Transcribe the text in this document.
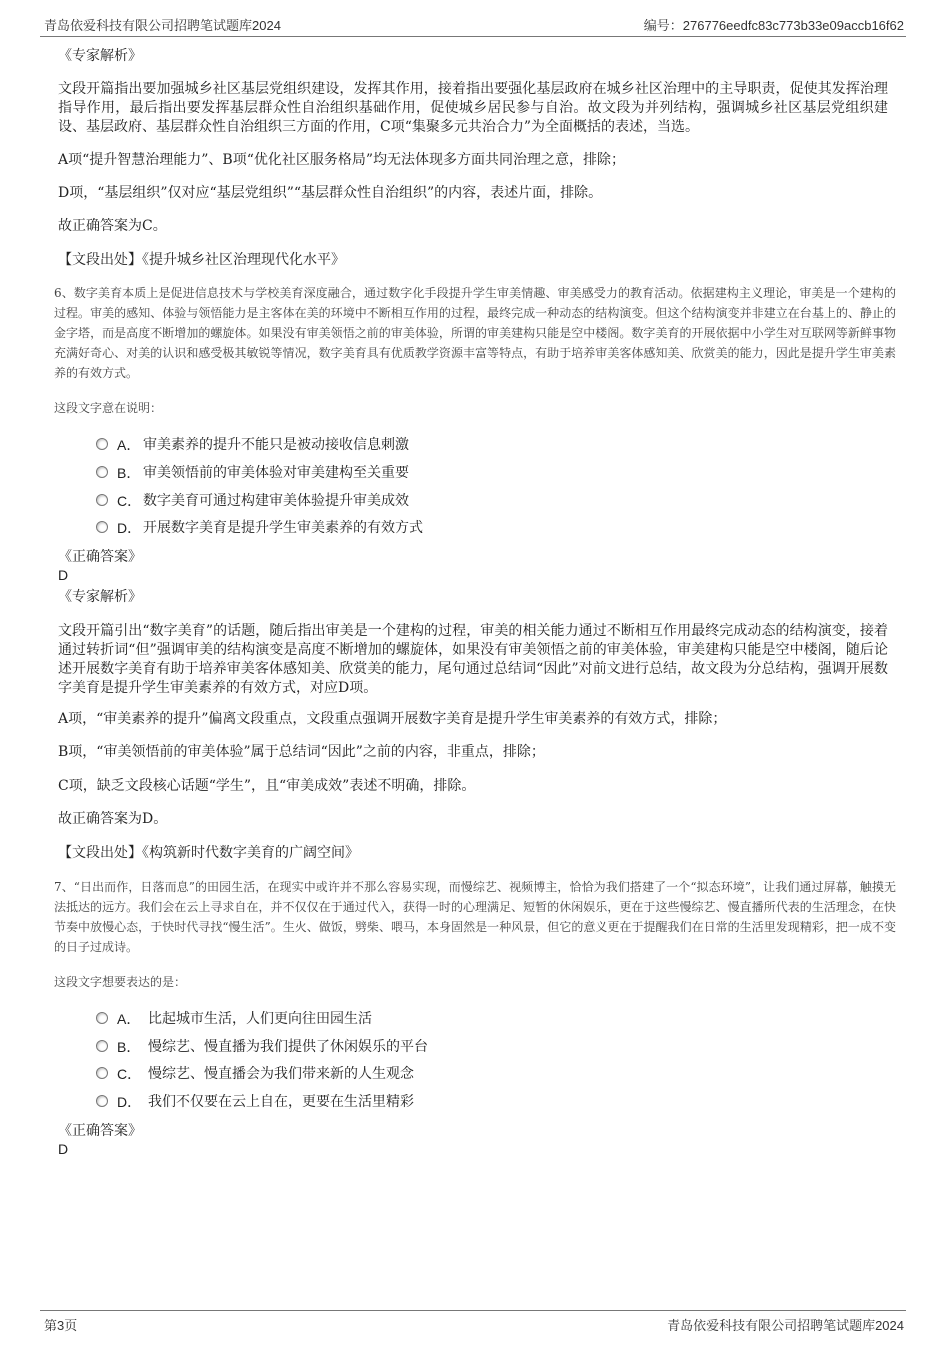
青岛依爱科技有限公司招聘笔试题库2024	编号：276776eedfc83c773b33e09accb16f62
《专家解析》
文段开篇指出要加强城乡社区基层党组织建设，发挥其作用，接着指出要强化基层政府在城乡社区治理中的主导职责，促使其发挥治理指导作用，最后指出要发挥基层群众性自治组织基础作用，促使城乡居民参与自治。故文段为并列结构，强调城乡社区基层党组织建设、基层政府、基层群众性自治组织三方面的作用，C项“集聚多元共治合力”为全面概括的表述，当选。
A项“提升智慧治理能力”、B项“优化社区服务格局”均无法体现多方面共同治理之意，排除；
D项，“基层组织”仅对应“基层党组织”“基层群众性自治组织”的内容，表述片面，排除。
故正确答案为C。
【文段出处】《提升城乡社区治理现代化水平》
6、数字美育本质上是促进信息技术与学校美育深度融合，通过数字化手段提升学生审美情趣、审美感受力的教育活动。依据建构主义理论，审美是一个建构的过程。审美的感知、体验与领悟能力是主客体在美的环境中不断相互作用的过程，最终完成一种动态的结构演变。但这个结构演变并非建立在台基上的、静止的金字塔，而是高度不断增加的螺旋体。如果没有审美领悟之前的审美体验，所谓的审美建构只能是空中楼阁。数字美育的开展依据中小学生对互联网等新鲜事物充满好奇心、对美的认识和感受极其敏锐等情况，数字美育具有优质教学资源丰富等特点，有助于培养审美客体感知美、欣赏美的能力，因此是提升学生审美素养的有效方式。
这段文字意在说明：
A． 审美素养的提升不能只是被动接收信息刺激
B． 审美领悟前的审美体验对审美建构至关重要
C． 数字美育可通过构建审美体验提升审美成效
D． 开展数字美育是提升学生审美素养的有效方式
《正确答案》
D
《专家解析》
文段开篇引出“数字美育”的话题，随后指出审美是一个建构的过程，审美的相关能力通过不断相互作用最终完成动态的结构演变，接着通过转折词“但”强调审美的结构演变是高度不断增加的螺旋体，如果没有审美领悟之前的审美体验，审美建构只能是空中楼阁，随后论述开展数字美育有助于培养审美客体感知美、欣赏美的能力，尾句通过总结词“因此”对前文进行总结，故文段为分总结构，强调开展数字美育是提升学生审美素养的有效方式，对应D项。
A项，“审美素养的提升”偏离文段重点，文段重点强调开展数字美育是提升学生审美素养的有效方式，排除；
B项，“审美领悟前的审美体验”属于总结词“因此”之前的内容，非重点，排除；
C项，缺乏文段核心话题“学生”，且“审美成效”表述不明确，排除。
故正确答案为D。
【文段出处】《构筑新时代数字美育的广阔空间》
7、“日出而作，日落而息”的田园生活，在现实中或许并不那么容易实现，而慢综艺、视频博主，恰恰为我们搭建了一个“拟态环境”，让我们通过屏幕，触摸无法抵达的远方。我们会在云上寻求自在，并不仅仅在于通过代入，获得一时的心理满足、短暂的休闲娱乐，更在于这些慢综艺、慢直播所代表的生活理念，在快节奏中放慢心态，于快时代寻找“慢生活”。生火、做饭，劈柴、喂马，本身固然是一种风景，但它的意义更在于提醒我们在日常的生活里发现精彩，把一成不变的日子过成诗。
这段文字想要表达的是：
A． 比起城市生活，人们更向往田园生活
B． 慢综艺、慢直播为我们提供了休闲娱乐的平台
C． 慢综艺、慢直播会为我们带来新的人生观念
D． 我们不仅要在云上自在，更要在生活里精彩
《正确答案》
D
第3页	青岛依爱科技有限公司招聘笔试题库2024
